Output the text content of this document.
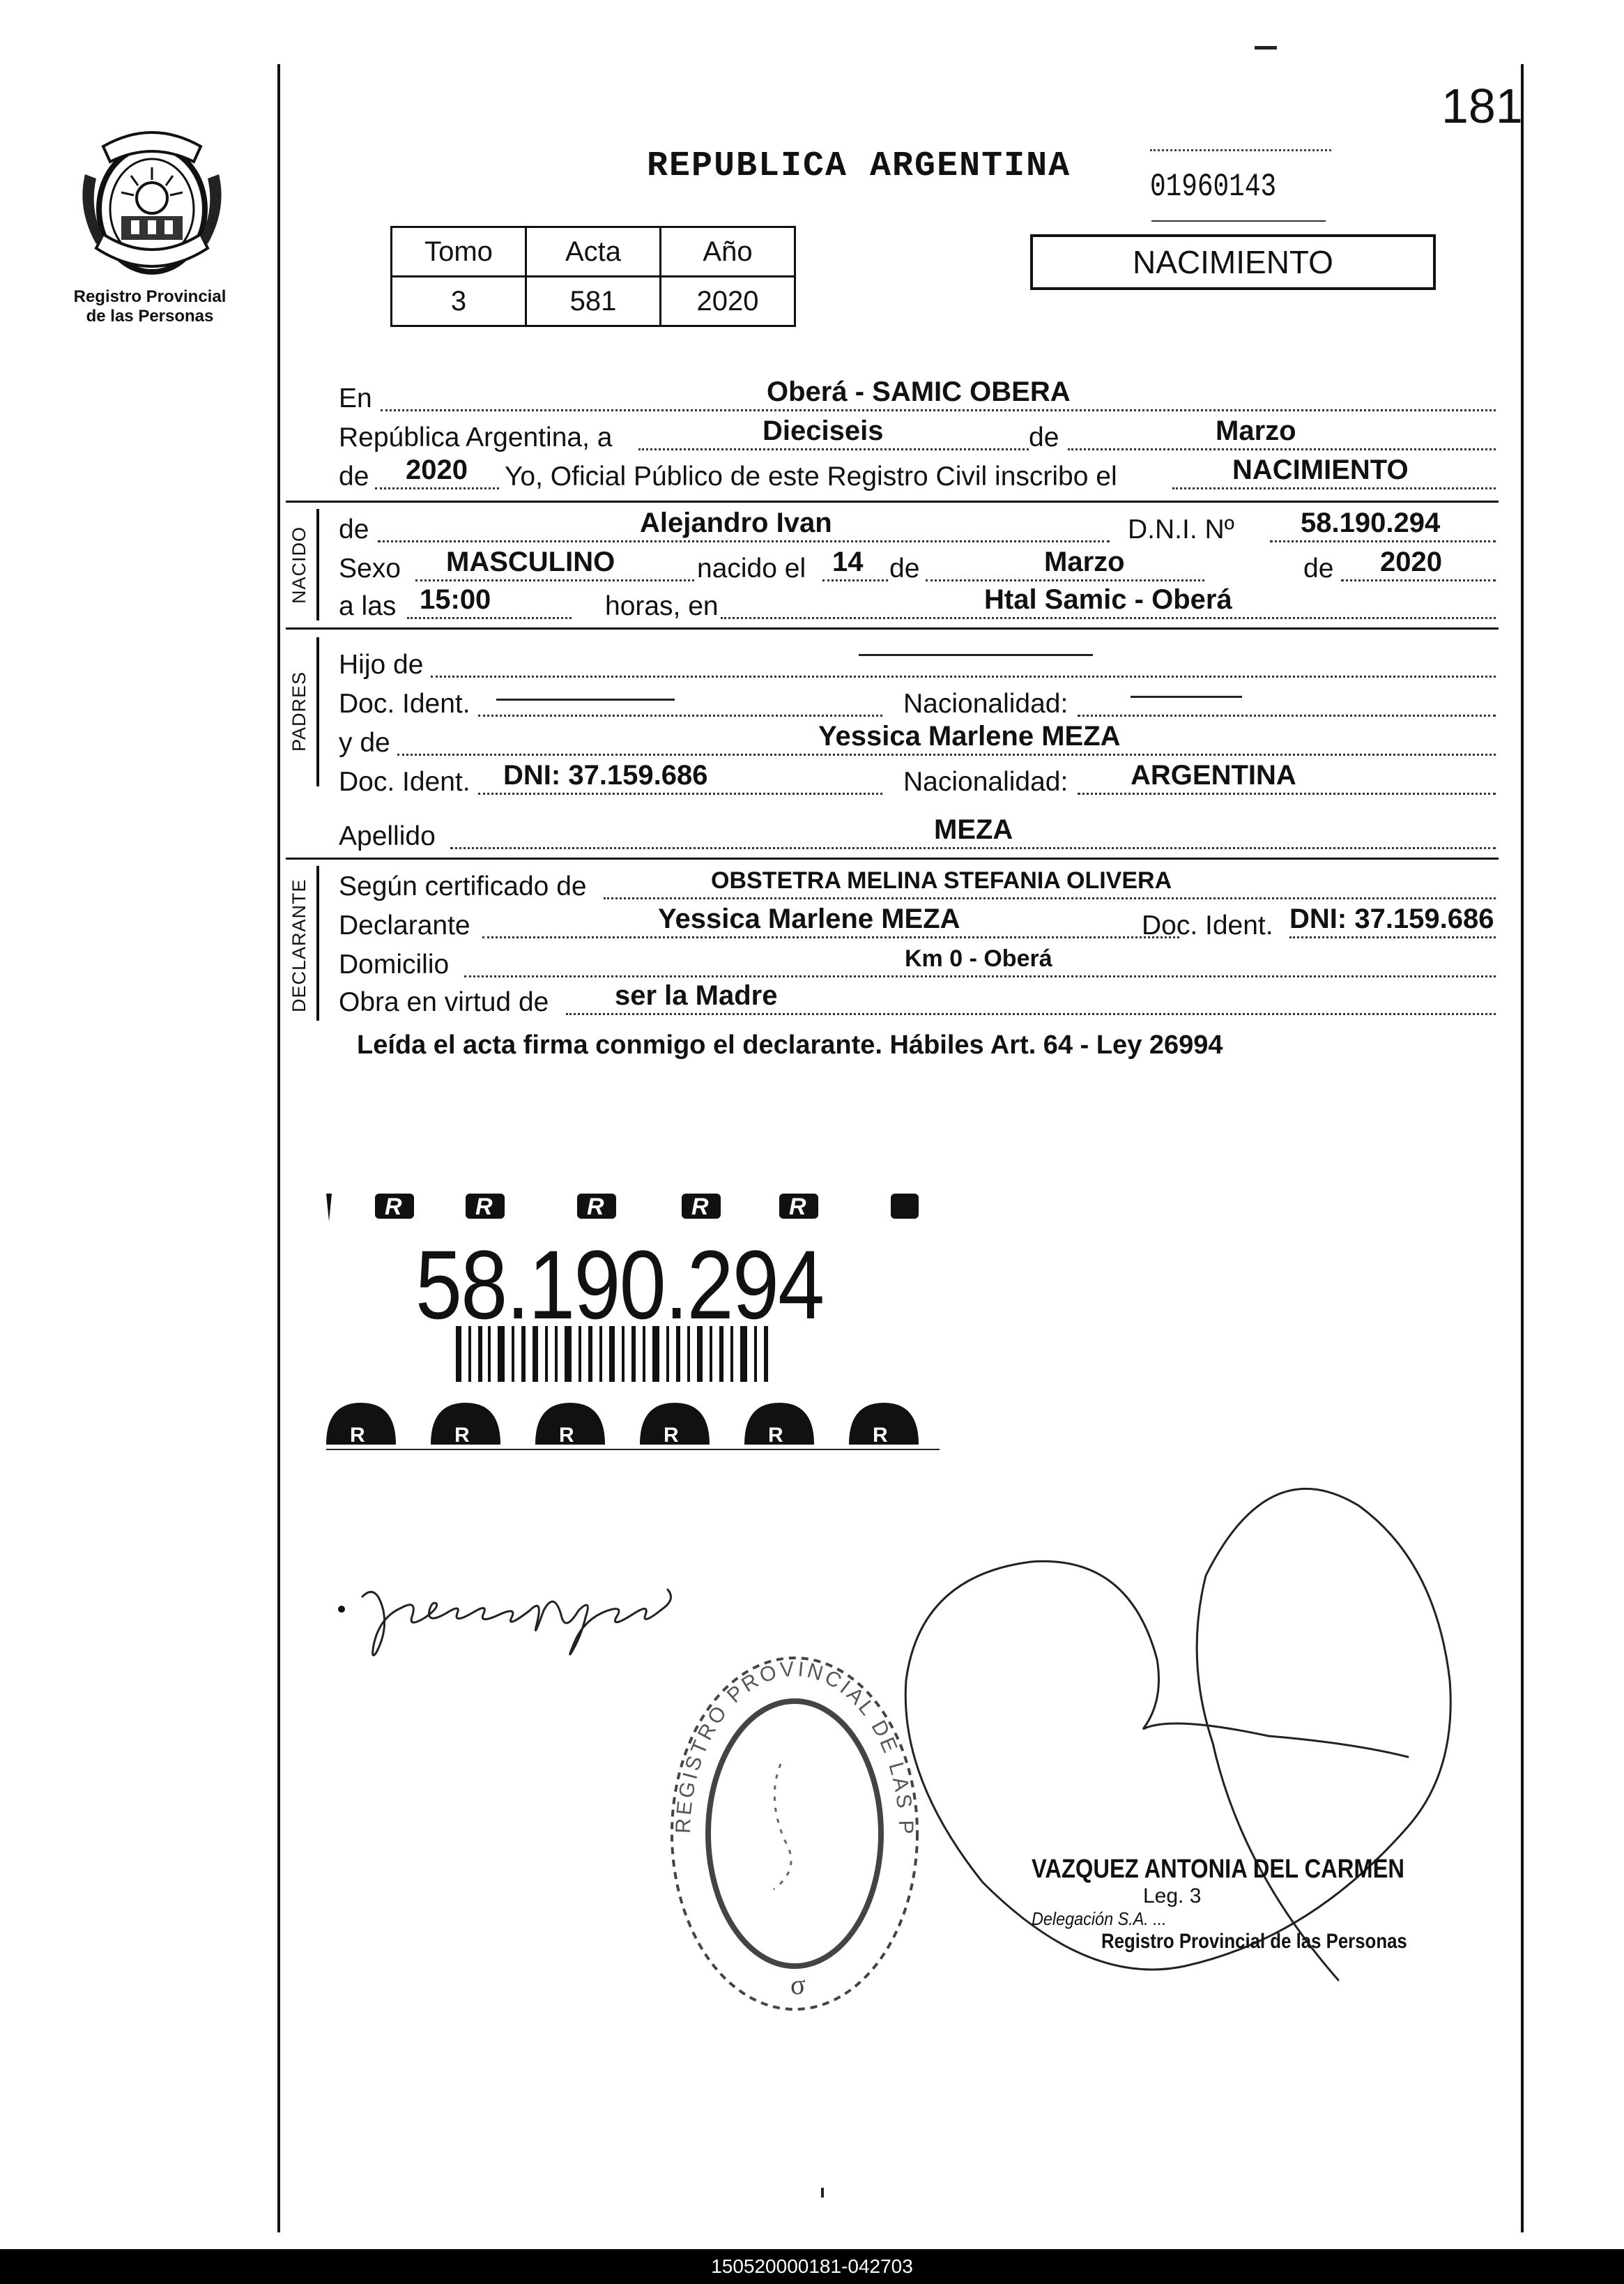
181
Registro Provincial
de las Personas
REPUBLICA ARGENTINA
01960143
Tomo	Acta	Año
3	581	2020
NACIMIENTO
En	Oberá - SAMIC OBERA
República Argentina, a	Dieciseis	de	Marzo
de 2020 Yo, Oficial Público de este Registro Civil inscribo el	NACIMIENTO
NACIDO de	Alejandro Ivan	D.N.I. Nº 58.190.294
Sexo MASCULINO	nacido el 14 de	Marzo	de 2020
a las 15:00	horas, en	Htal Samic - Oberá
PADRES
Hijo de
Doc. Ident.	Nacionalidad:
y de	Yessica Marlene MEZA
Doc. Ident. DNI: 37.159.686	Nacionalidad: ARGENTINA
Apellido	MEZA
DECLARANTE Según certificado de	OBSTETRA MELINA STEFANIA OLIVERA
Declarante	Yessica Marlene MEZA	Doc. Ident. DNI: 37.159.686
Domicilio	Km 0 - Oberá
Obra en virtud de ser la Madre
Leída el acta firma conmigo el declarante. Hábiles Art. 64 - Ley 26994
R	R	R	R	R
R	R	R	R	R	R
58.190.294
σ
REGISTRO PROVINCIAL DE LAS P
VAZQUEZ ANTONIA DEL CARMEN
Leg. 3
Delegación S.A. ...
Registro Provincial de las Personas
150520000181-042703
